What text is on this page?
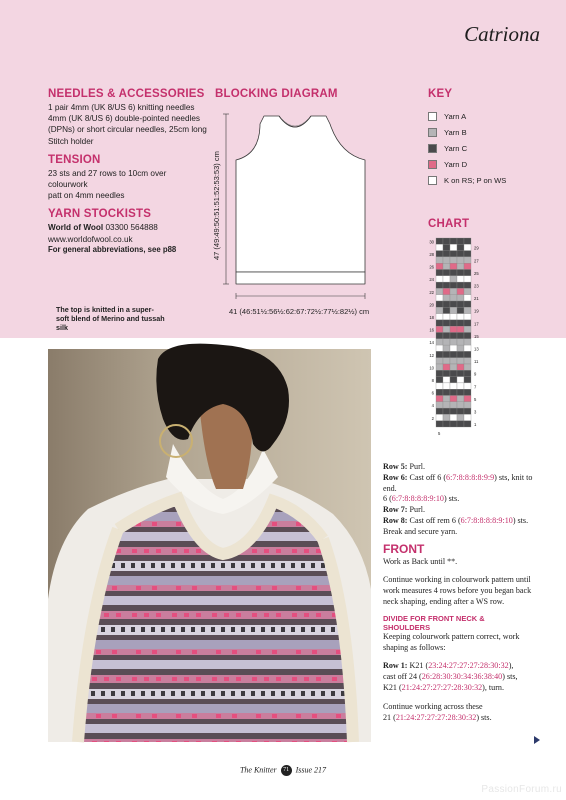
Catriona
NEEDLES & ACCESSORIES
1 pair 4mm (UK 8/US 6) knitting needles
4mm (UK 8/US 6) double-pointed needles
(DPNs) or short circular needles, 25cm long
Stitch holder
TENSION
23 sts and 27 rows to 10cm over colourwork
patt on 4mm needles
YARN STOCKISTS
World of Wool 03300 564888
www.worldofwool.co.uk
For general abbreviations, see p88
The top is knitted in a super-soft blend of Merino and tussah silk
BLOCKING DIAGRAM
41 (46:51½:56½:62:67:72½:77½:82½) cm
47 (49:49:50:51:51:52:53:53) cm
KEY
Yarn A
Yarn B
Yarn C
Yarn D
K on RS; P on WS
CHART
30
28
26
24
22
20
18
16
14
12
10
8
6
4
2
29
27
25
23
21
19
17
15
13
11
9
7
5
3
1
5
Row 5: Purl.
Row 6: Cast off 6 (6:7:8:8:8:8:9:9) sts, knit to end.
6 (6:7:8:8:8:8:9:10) sts.
Row 7: Purl.
Row 8: Cast off rem 6 (6:7:8:8:8:8:9:10) sts.
Break and secure yarn.
FRONT
Work as Back until **.
Continue working in colourwork pattern until work measures 4 rows before you began back neck shaping, ending after a WS row.
DIVIDE FOR FRONT NECK & SHOULDERS
Keeping colourwork pattern correct, work shaping as follows:
Row 1: K21 (23:24:27:27:27:28:30:32),
cast off 24 (26:28:30:30:34:36:38:40) sts,
K21 (21:24:27:27:27:28:30:32), turn.
Continue working across these
21 (21:24:27:27:27:28:30:32) sts.
The Knitter 71 Issue 217
PassionForum.ru
